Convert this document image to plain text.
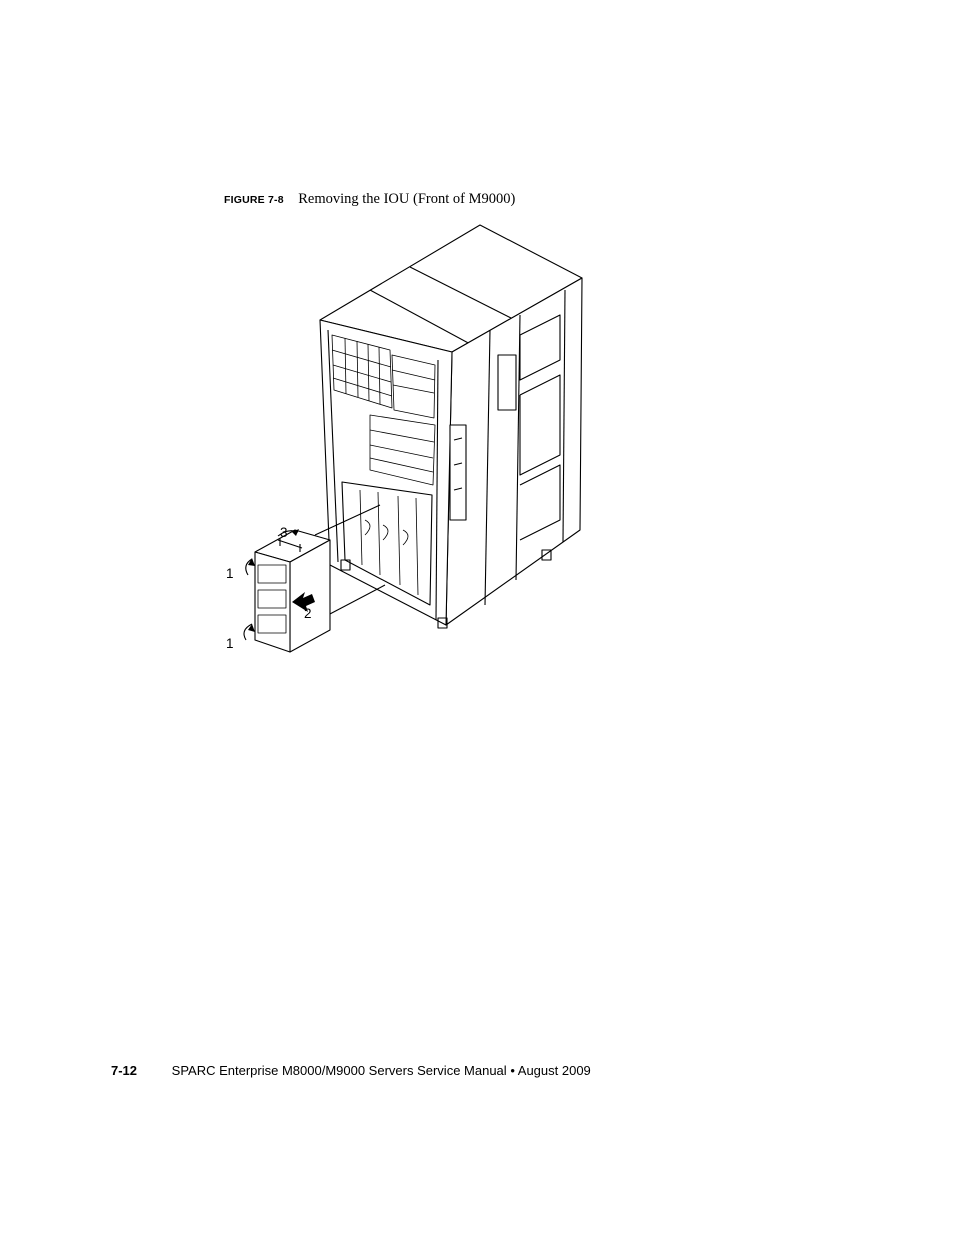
FIGURE 7-8 Removing the IOU (Front of M9000)
3
1
2
1
7-12	SPARC Enterprise M8000/M9000 Servers Service Manual • August 2009
